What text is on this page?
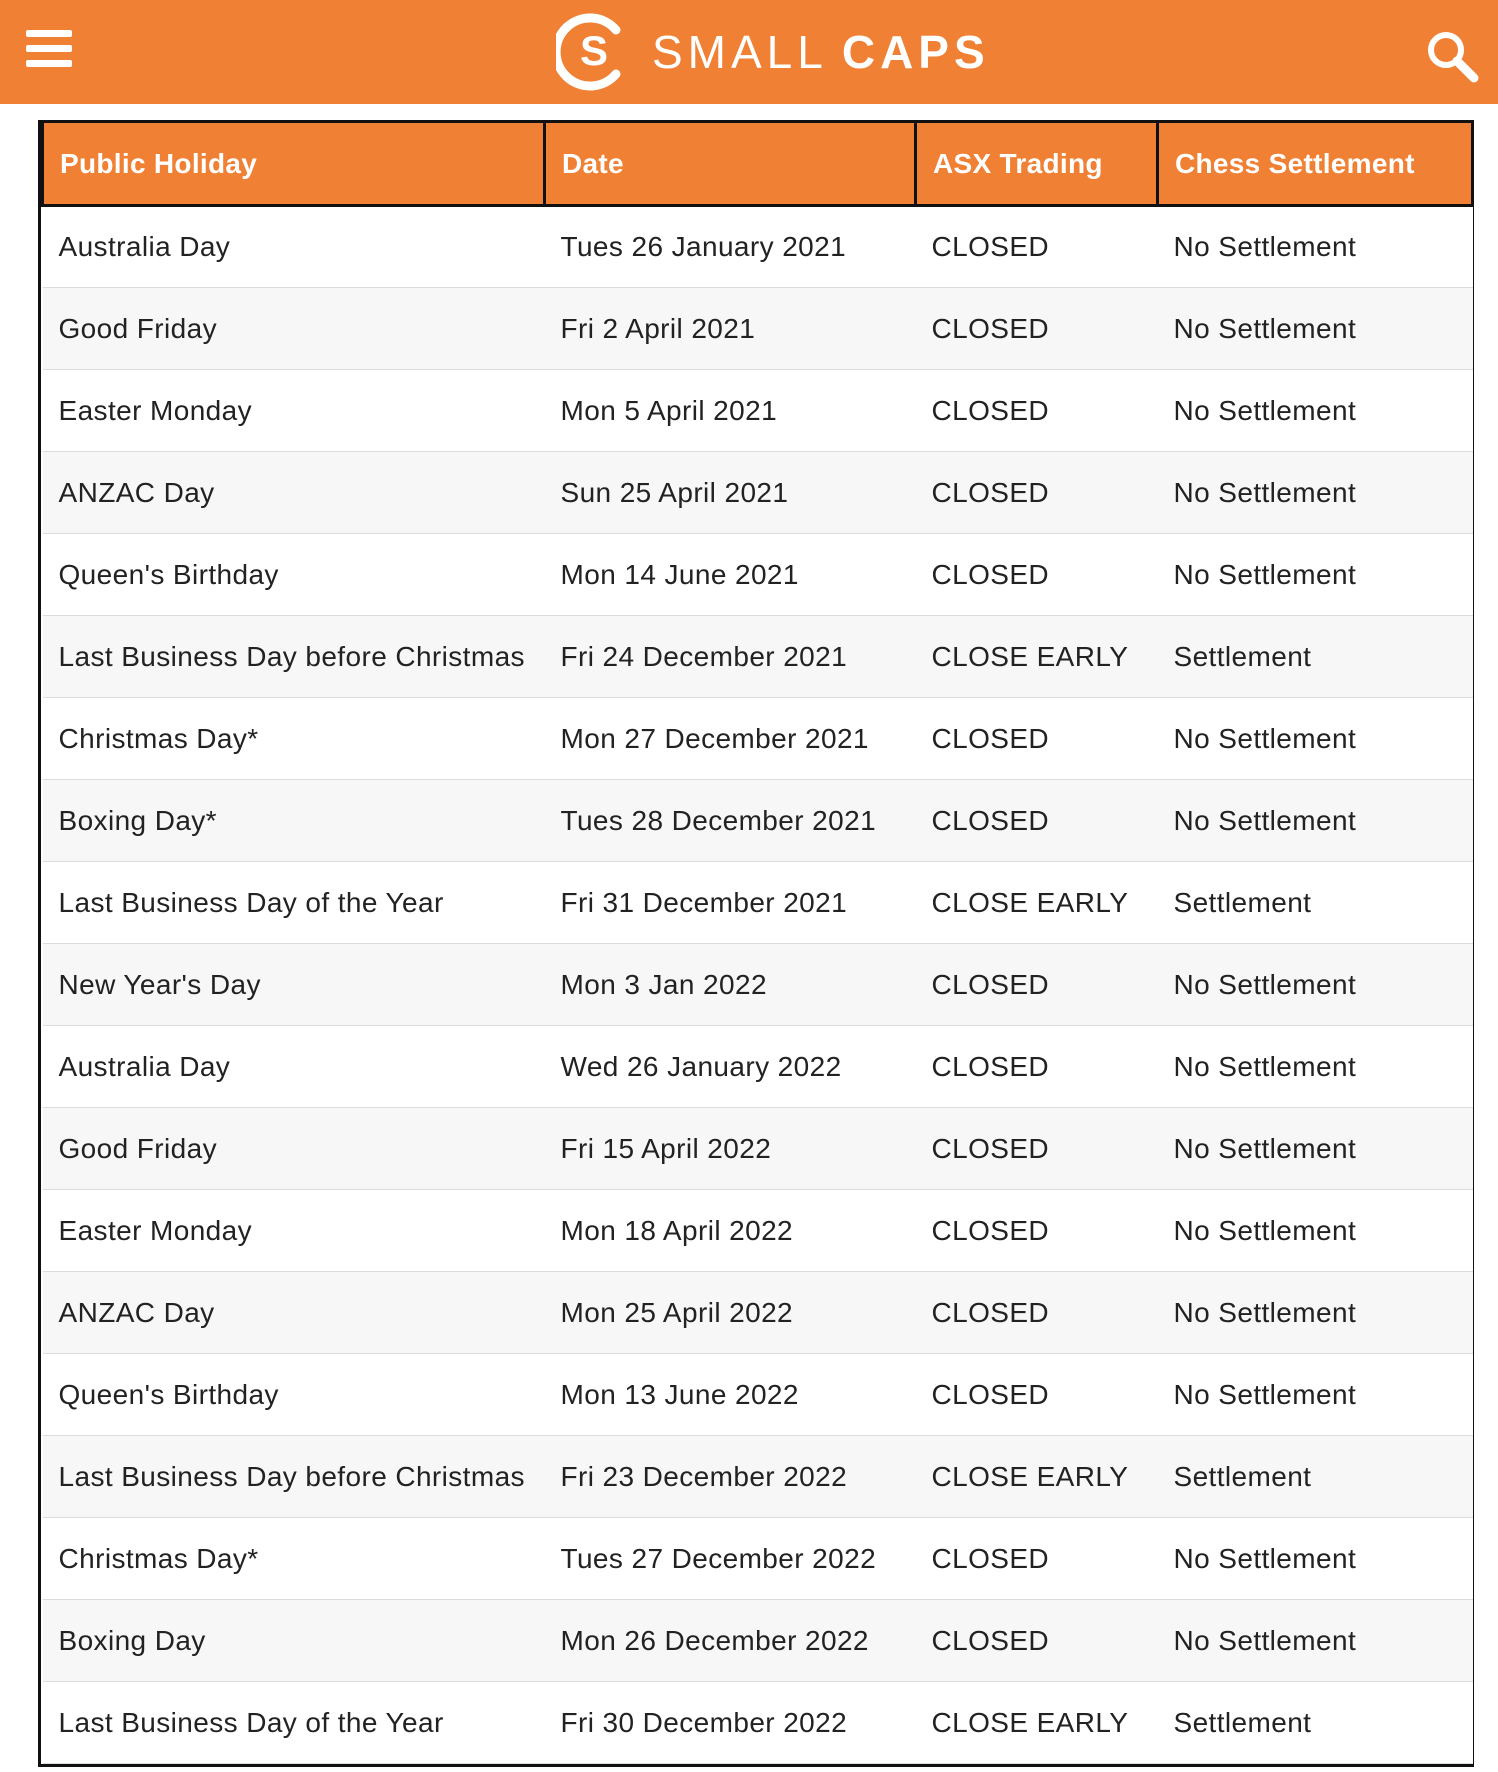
S SMALL CAPS
Public Holiday	Date	ASX Trading	Chess Settlement
Australia Day	Tues 26 January 2021	CLOSED	No Settlement
Good Friday	Fri 2 April 2021	CLOSED	No Settlement
Easter Monday	Mon 5 April 2021	CLOSED	No Settlement
ANZAC Day	Sun 25 April 2021	CLOSED	No Settlement
Queen's Birthday	Mon 14 June 2021	CLOSED	No Settlement
Last Business Day before Christmas	Fri 24 December 2021	CLOSE EARLY	Settlement
Christmas Day*	Mon 27 December 2021	CLOSED	No Settlement
Boxing Day*	Tues 28 December 2021	CLOSED	No Settlement
Last Business Day of the Year	Fri 31 December 2021	CLOSE EARLY	Settlement
New Year's Day	Mon 3 Jan 2022	CLOSED	No Settlement
Australia Day	Wed 26 January 2022	CLOSED	No Settlement
Good Friday	Fri 15 April 2022	CLOSED	No Settlement
Easter Monday	Mon 18 April 2022	CLOSED	No Settlement
ANZAC Day	Mon 25 April 2022	CLOSED	No Settlement
Queen's Birthday	Mon 13 June 2022	CLOSED	No Settlement
Last Business Day before Christmas	Fri 23 December 2022	CLOSE EARLY	Settlement
Christmas Day*	Tues 27 December 2022	CLOSED	No Settlement
Boxing Day	Mon 26 December 2022	CLOSED	No Settlement
Last Business Day of the Year	Fri 30 December 2022	CLOSE EARLY	Settlement
